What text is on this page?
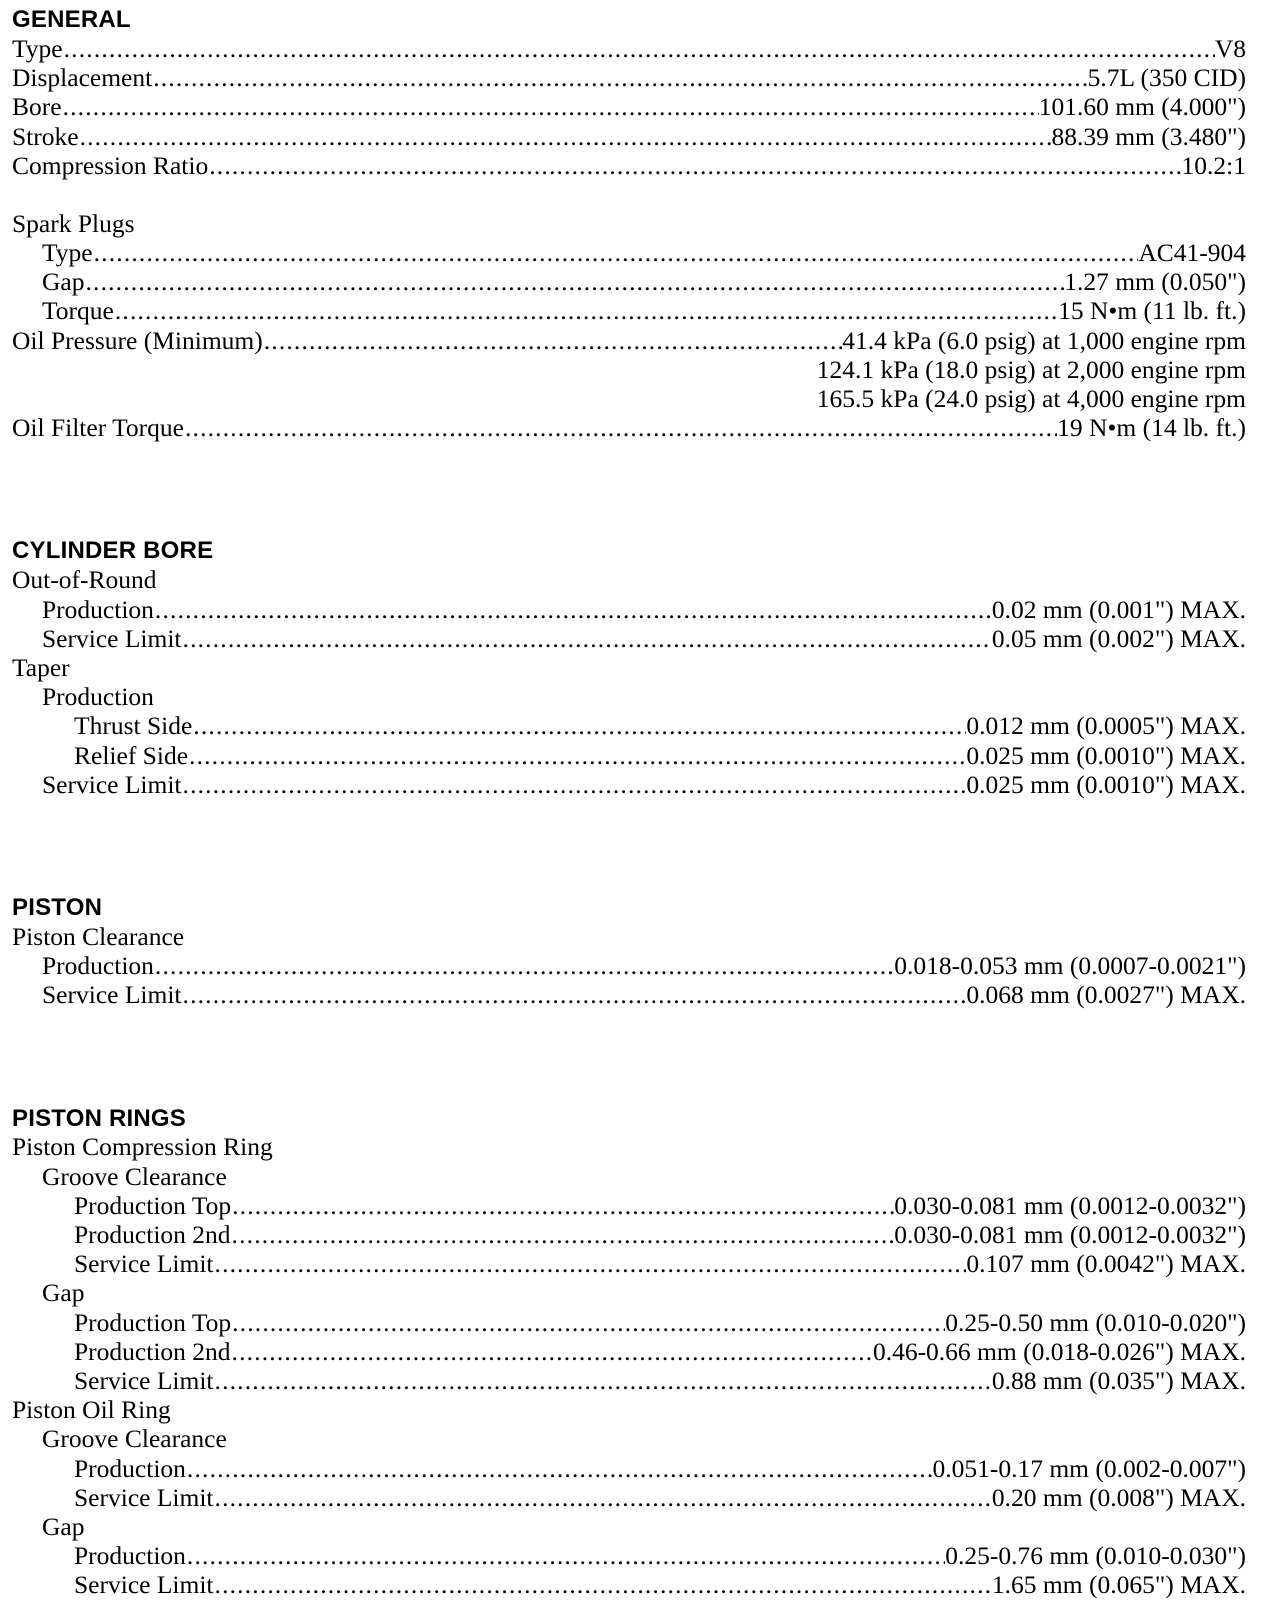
GENERAL
Type . . .	V8
Displacement . . .	5.7L (350 CID)
Bore . . .	101.60 mm (4.000")
Stroke . . .	88.39 mm (3.480")
Compression Ratio . . .	10.2:1
Spark Plugs
Type . . .	AC41-904
Gap . . .	1.27 mm (0.050")
Torque . . .	15 N•m (11 lb. ft.)
Oil Pressure (Minimum) . . .	41.4 kPa (6.0 psig) at 1,000 engine rpm
124.1 kPa (18.0 psig) at 2,000 engine rpm
165.5 kPa (24.0 psig) at 4,000 engine rpm
Oil Filter Torque . . .	19 N•m (14 lb. ft.)
CYLINDER BORE
Out-of-Round
Production . . .	0.02 mm (0.001") MAX.
Service Limit . . .	0.05 mm (0.002") MAX.
Taper
Production
Thrust Side . . .	0.012 mm (0.0005") MAX.
Relief Side . . .	0.025 mm (0.0010") MAX.
Service Limit . . .	0.025 mm (0.0010") MAX.
PISTON
Piston Clearance
Production . . .	0.018-0.053 mm (0.0007-0.0021")
Service Limit . . .	0.068 mm (0.0027") MAX.
PISTON RINGS
Piston Compression Ring
Groove Clearance
Production Top . . .	0.030-0.081 mm (0.0012-0.0032")
Production 2nd . . .	0.030-0.081 mm (0.0012-0.0032")
Service Limit . . .	0.107 mm (0.0042") MAX.
Gap
Production Top . . .	0.25-0.50 mm (0.010-0.020")
Production 2nd . . .	0.46-0.66 mm (0.018-0.026") MAX.
Service Limit . . .	0.88 mm (0.035") MAX.
Piston Oil Ring
Groove Clearance
Production . . .	0.051-0.17 mm (0.002-0.007")
Service Limit . . .	0.20 mm (0.008") MAX.
Gap
Production . . .	0.25-0.76 mm (0.010-0.030")
Service Limit . . .	1.65 mm (0.065") MAX.
